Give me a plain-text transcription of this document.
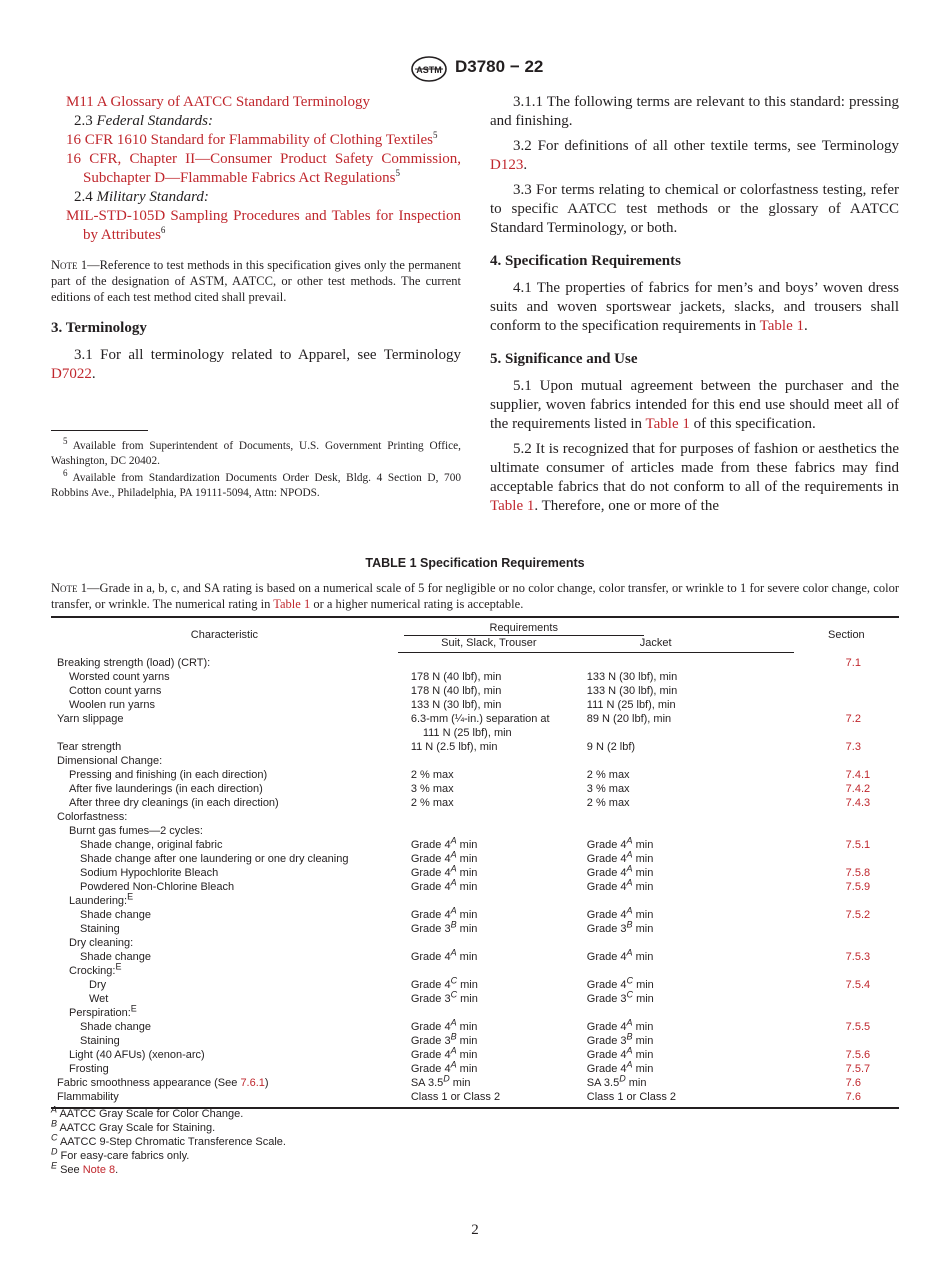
ASTM D3780 − 22

M11 A Glossary of AATCC Standard Terminology

2.3 Federal Standards:

16 CFR 1610 Standard for Flammability of Clothing Textiles$^5$

16 CFR, Chapter II—Consumer Product Safety Commission, Subchapter D—Flammable Fabrics Act Regulations$^5$

2.4 Military Standard:

MIL-STD-105D Sampling Procedures and Tables for Inspection by Attributes$^6$

Note 1—Reference to test methods in this specification gives only the permanent part of the designation of ASTM, AATCC, or other test methods. The current editions of each test method cited shall prevail.

3. Terminology

3.1 For all terminology related to Apparel, see Terminology D7022.

$^5$ Available from Superintendent of Documents, U.S. Government Printing Office, Washington, DC 20402.

$^6$ Available from Standardization Documents Order Desk, Bldg. 4 Section D, 700 Robbins Ave., Philadelphia, PA 19111-5094, Attn: NPODS.

3.1.1 The following terms are relevant to this standard: pressing and finishing.

3.2 For definitions of all other textile terms, see Terminology D123.

3.3 For terms relating to chemical or colorfastness testing, refer to specific AATCC test methods or the glossary of AATCC Standard Terminology, or both.

4. Specification Requirements

4.1 The properties of fabrics for men’s and boys’ woven dress suits and woven sportswear jackets, slacks, and trousers shall conform to the specification requirements in Table 1.

5. Significance and Use

5.1 Upon mutual agreement between the purchaser and the supplier, woven fabrics intended for this end use should meet all of the requirements listed in Table 1 of this specification.

5.2 It is recognized that for purposes of fashion or aesthetics the ultimate consumer of articles made from these fabrics may find acceptable fabrics that do not conform to all of the requirements in Table 1. Therefore, one or more of the

TABLE 1 Specification Requirements
Note 1—Grade in a, b, c, and SA rating is based on a numerical scale of 5 for negligible or no color change, color transfer, or wrinkle to 1 for severe color change, color transfer, or wrinkle. The numerical rating in Table 1 or a higher numerical rating is acceptable.
Characteristic	Requirements		Section
	Suit, Slack, Trouser	Jacket	
Breaking strength (load) (CRT):			7.1
Worsted count yarns	178 N (40 lbf), min	133 N (30 lbf), min	
Cotton count yarns	178 N (40 lbf), min	133 N (30 lbf), min	
Woolen run yarns	133 N (30 lbf), min	111 N (25 lbf), min	
Yarn slippage	6.3-mm (¼-in.) separation at
111 N (25 lbf), min	89 N (20 lbf), min	7.2
Tear strength	11 N (2.5 lbf), min	9 N (2 lbf)	7.3
Dimensional Change:			
Pressing and finishing (in each direction)	2 % max	2 % max	7.4.1
After five launderings (in each direction)	3 % max	3 % max	7.4.2
After three dry cleanings (in each direction)	2 % max	2 % max	7.4.3
Colorfastness:			
Burnt gas fumes—2 cycles:			
Shade change, original fabric	Grade $4^A$ min	Grade $4^A$ min	7.5.1
Shade change after one laundering or one dry cleaning	Grade $4^A$ min	Grade $4^A$ min	
Sodium Hypochlorite Bleach	Grade $4^A$ min	Grade $4^A$ min	7.5.8
Powdered Non-Chlorine Bleach	Grade $4^A$ min	Grade $4^A$ min	7.5.9
Laundering:$^E$			
Shade change	Grade $4^A$ min	Grade $4^A$ min	7.5.2
Staining	Grade $3^B$ min	Grade $3^B$ min	
Dry cleaning:			
Shade change	Grade $4^A$ min	Grade $4^A$ min	7.5.3
Crocking:$^E$			
Dry	Grade $4^C$ min	Grade $4^C$ min	7.5.4
Wet	Grade $3^C$ min	Grade $3^C$ min	
Perspiration:$^E$			
Shade change	Grade $4^A$ min	Grade $4^A$ min	7.5.5
Staining	Grade $3^B$ min	Grade $3^B$ min	
Light (40 AFUs) (xenon-arc)	Grade $4^A$ min	Grade $4^A$ min	7.5.6
Frosting	Grade $4^A$ min	Grade $4^A$ min	7.5.7
Fabric smoothness appearance (See 7.6.1)	SA $3.5^D$ min	SA $3.5^D$ min	7.6
Flammability	Class 1 or Class 2	Class 1 or Class 2	7.6
$^A$ AATCC Gray Scale for Color Change.
$^B$ AATCC Gray Scale for Staining.
$^C$ AATCC 9-Step Chromatic Transference Scale.
$^D$ For easy-care fabrics only.
$^E$ See Note 8.
2
